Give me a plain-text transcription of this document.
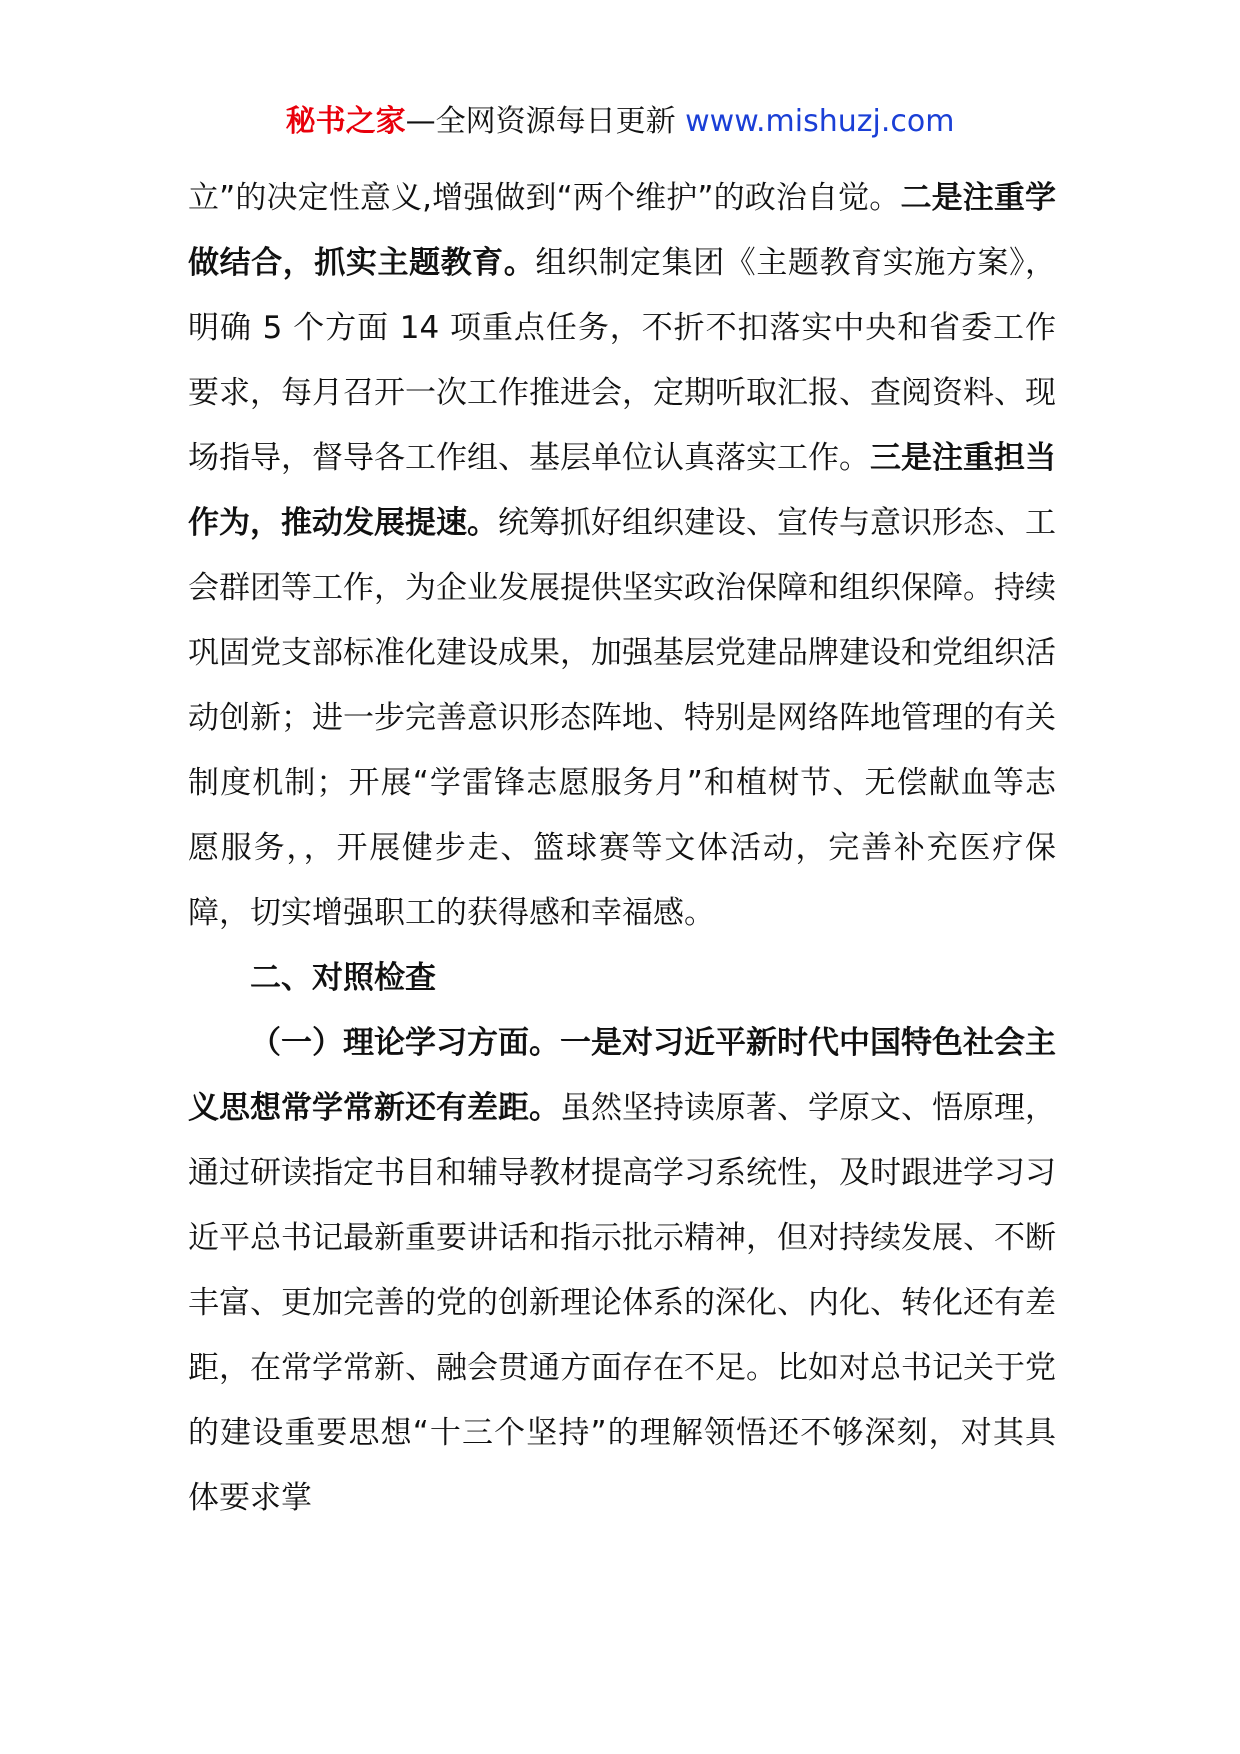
秘书之家—全网资源每日更新 www.mishuzj.com

立”的决定性意义,增强做到“两个维护”的政治自觉。二是注重学做结合，抓实主题教育。组织制定集团《主题教育实施方案》，明确 5 个方面 14 项重点任务，不折不扣落实中央和省委工作要求，每月召开一次工作推进会，定期听取汇报、查阅资料、现场指导，督导各工作组、基层单位认真落实工作。三是注重担当作为，推动发展提速。统筹抓好组织建设、宣传与意识形态、工会群团等工作，为企业发展提供坚实政治保障和组织保障。持续巩固党支部标准化建设成果，加强基层党建品牌建设和党组织活动创新；进一步完善意识形态阵地、特别是网络阵地管理的有关制度机制；开展“学雷锋志愿服务月”和植树节、无偿献血等志愿服务，，开展健步走、篮球赛等文体活动，完善补充医疗保障，切实增强职工的获得感和幸福感。

二、对照检查

（一）理论学习方面。一是对习近平新时代中国特色社会主义思想常学常新还有差距。虽然坚持读原著、学原文、悟原理，通过研读指定书目和辅导教材提高学习系统性，及时跟进学习习近平总书记最新重要讲话和指示批示精神，但对持续发展、不断丰富、更加完善的党的创新理论体系的深化、内化、转化还有差距，在常学常新、融会贯通方面存在不足。比如对总书记关于党的建设重要思想“十三个坚持”的理解领悟还不够深刻，对其具体要求掌
